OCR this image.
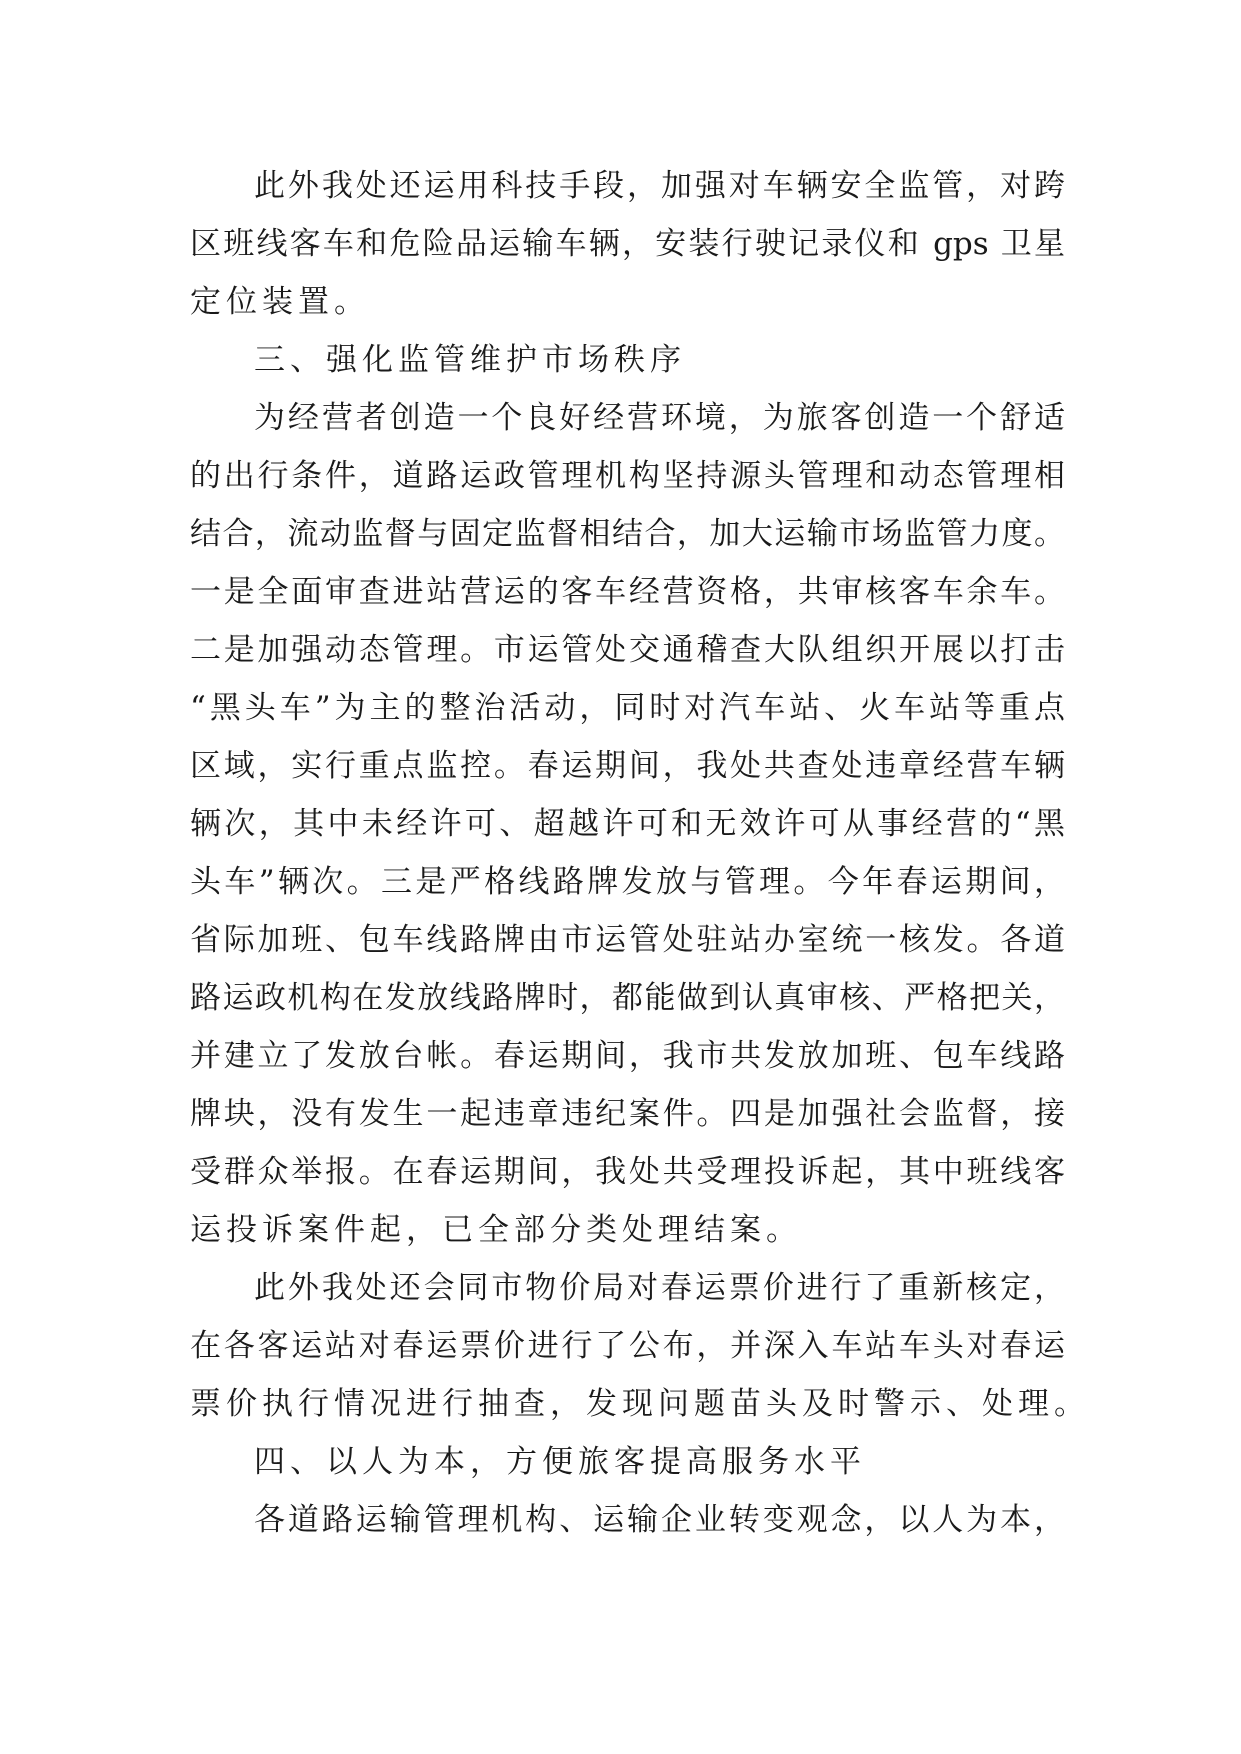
此外我处还运用科技手段，加强对车辆安全监管，对跨
区班线客车和危险品运输车辆，安装行驶记录仪和 gps 卫星
定位装置。
三、强化监管维护市场秩序
为经营者创造一个良好经营环境，为旅客创造一个舒适
的出行条件，道路运政管理机构坚持源头管理和动态管理相
结合，流动监督与固定监督相结合，加大运输市场监管力度。
一是全面审查进站营运的客车经营资格，共审核客车余车。
二是加强动态管理。市运管处交通稽查大队组织开展以打击
“黑头车”为主的整治活动，同时对汽车站、火车站等重点
区域，实行重点监控。春运期间，我处共查处违章经营车辆
辆次，其中未经许可、超越许可和无效许可从事经营的“黑
头车”辆次。三是严格线路牌发放与管理。今年春运期间，
省际加班、包车线路牌由市运管处驻站办室统一核发。各道
路运政机构在发放线路牌时，都能做到认真审核、严格把关，
并建立了发放台帐。春运期间，我市共发放加班、包车线路
牌块，没有发生一起违章违纪案件。四是加强社会监督，接
受群众举报。在春运期间，我处共受理投诉起，其中班线客
运投诉案件起，已全部分类处理结案。
此外我处还会同市物价局对春运票价进行了重新核定，
在各客运站对春运票价进行了公布，并深入车站车头对春运
票价执行情况进行抽查，发现问题苗头及时警示、处理。
四、以人为本，方便旅客提高服务水平
各道路运输管理机构、运输企业转变观念，以人为本，
